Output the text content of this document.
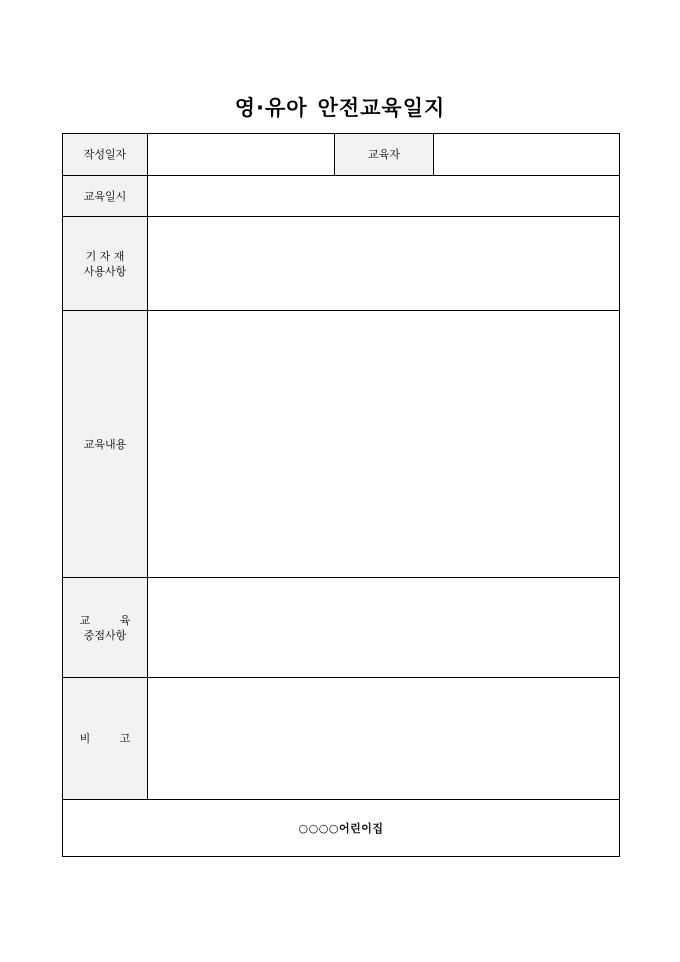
영·유아 안전교육일지
작성일자		교육자	
교육일시			

기 자 재
사용사항			

교육내용			

교 육
중점사항			

비 고			
○○○○어린이집			
